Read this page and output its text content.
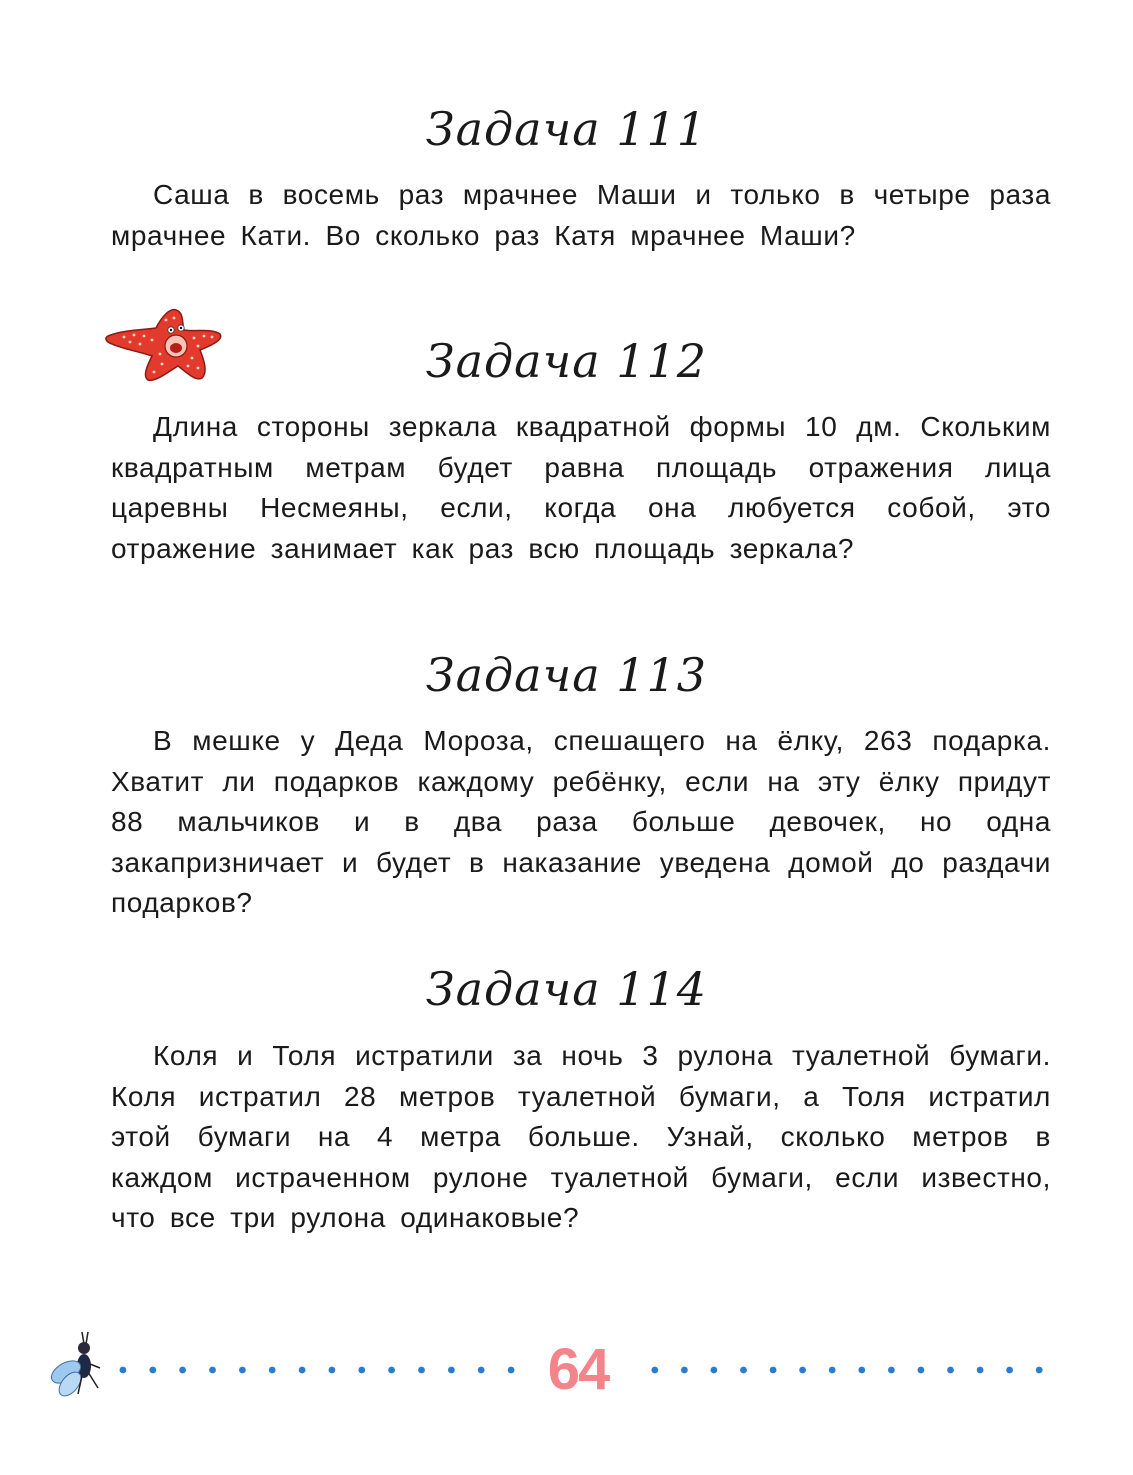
Задача 111

Саша в восемь раз мрачнее Маши и только в четыре раза мрачнее Кати. Во сколько раз Катя мрачнее Маши?

Задача 112

Длина стороны зеркала квадратной формы 10 дм. Скольким квадратным метрам будет равна площадь отражения лица царевны Несмеяны, если, когда она любуется собой, это отражение занимает как раз всю площадь зеркала?

Задача 113

В мешке у Деда Мороза, спешащего на ёлку, 263 подарка. Хватит ли подарков каждому ребёнку, если на эту ёлку придут 88 мальчиков и в два раза больше девочек, но одна закапризничает и будет в наказание уведена домой до раздачи подарков?

Задача 114

Коля и Толя истратили за ночь 3 рулона туалетной бумаги. Коля истратил 28 метров туалетной бумаги, а Толя истратил этой бумаги на 4 метра больше. Узнай, сколько метров в каждом истраченном рулоне туалетной бумаги, если известно, что все три рулона одинаковые?

64
